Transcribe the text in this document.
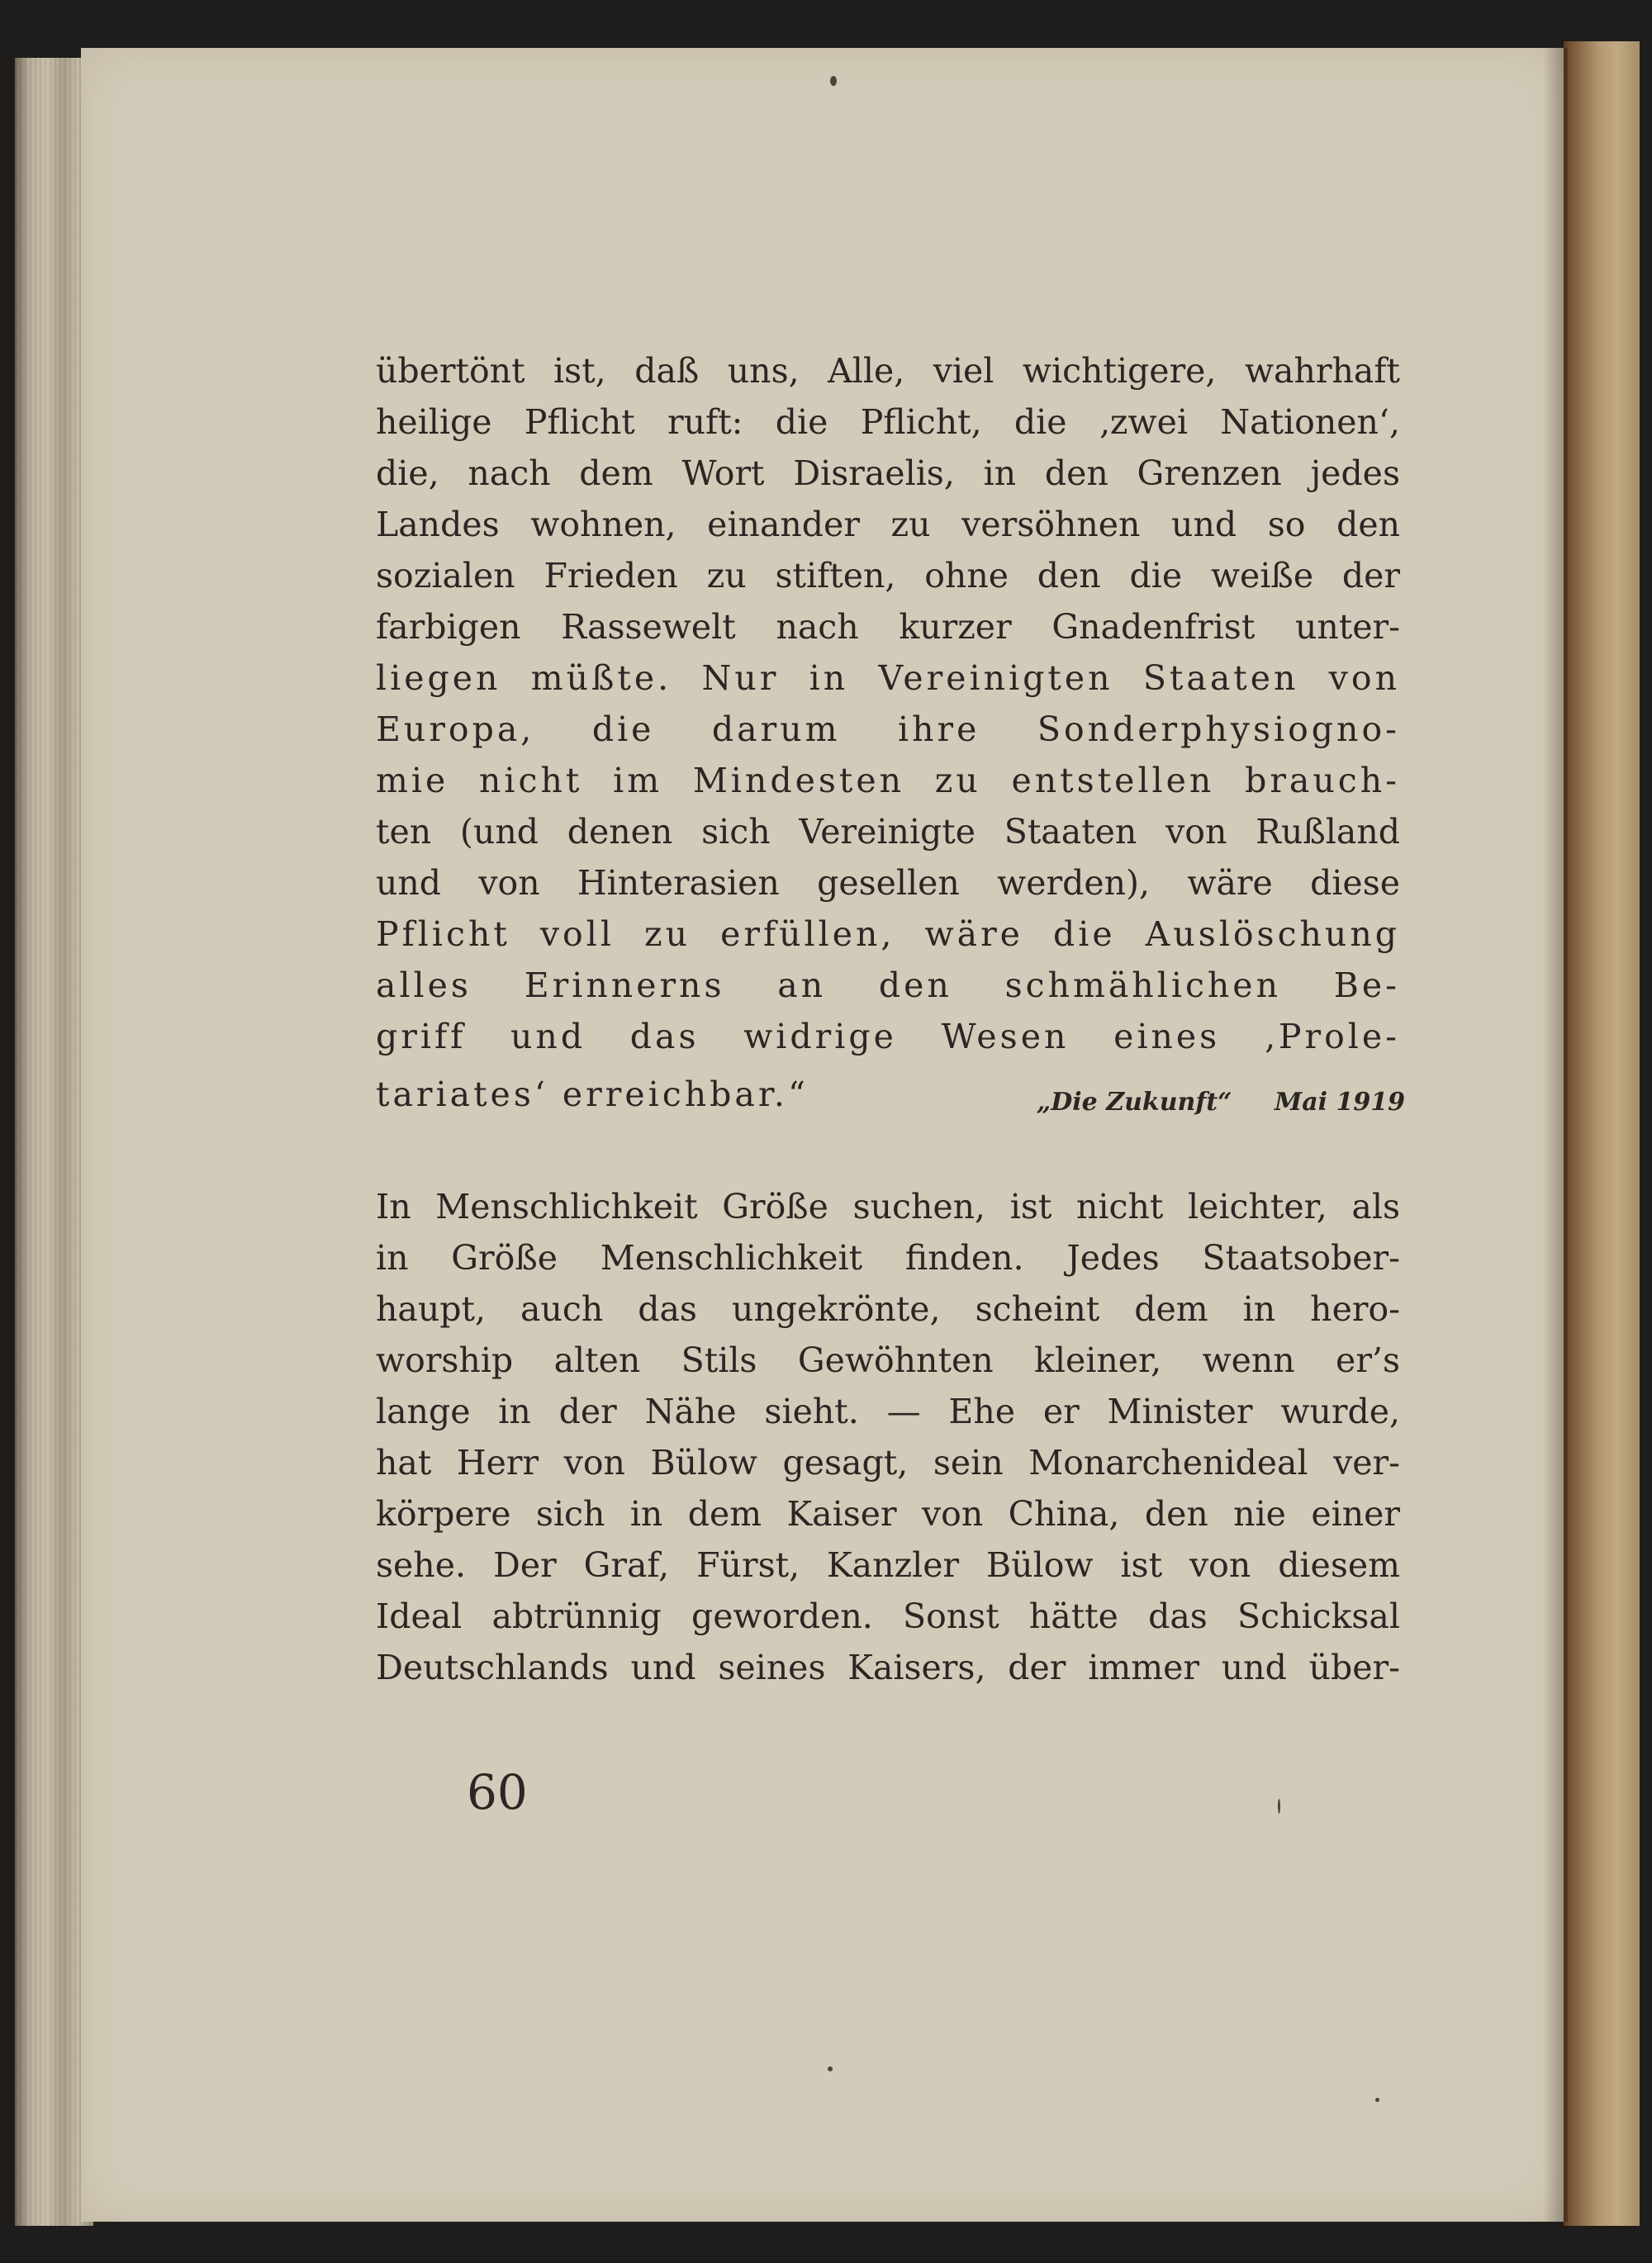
übertönt ist, daß uns, Alle, viel wichtigere, wahrhaft
heilige Pflicht ruft: die Pflicht, die ‚zwei Nationen‘,
die, nach dem Wort Disraelis, in den Grenzen jedes
Landes wohnen, einander zu versöhnen und so den
sozialen Frieden zu stiften, ohne den die weiße der
farbigen Rassewelt nach kurzer Gnadenfrist unter-
liegen müßte. Nur in Vereinigten Staaten von
Europa, die darum ihre Sonderphysiogno-
mie nicht im Mindesten zu entstellen brauch-
ten (und denen sich Vereinigte Staaten von Rußland
und von Hinterasien gesellen werden), wäre diese
Pflicht voll zu erfüllen, wäre die Auslöschung
alles Erinnerns an den schmählichen Be-
griff und das widrige Wesen eines ‚Prole-
tariates‘ erreichbar.“	„Die Zukunft“ Mai 1919
In Menschlichkeit Größe suchen, ist nicht leichter, als
in Größe Menschlichkeit finden. Jedes Staatsober-
haupt, auch das ungekrönte, scheint dem in hero-
worship alten Stils Gewöhnten kleiner, wenn er’s
lange in der Nähe sieht. — Ehe er Minister wurde,
hat Herr von Bülow gesagt, sein Monarchenideal ver-
körpere sich in dem Kaiser von China, den nie einer
sehe. Der Graf, Fürst, Kanzler Bülow ist von diesem
Ideal abtrünnig geworden. Sonst hätte das Schicksal
Deutschlands und seines Kaisers, der immer und über-
60
